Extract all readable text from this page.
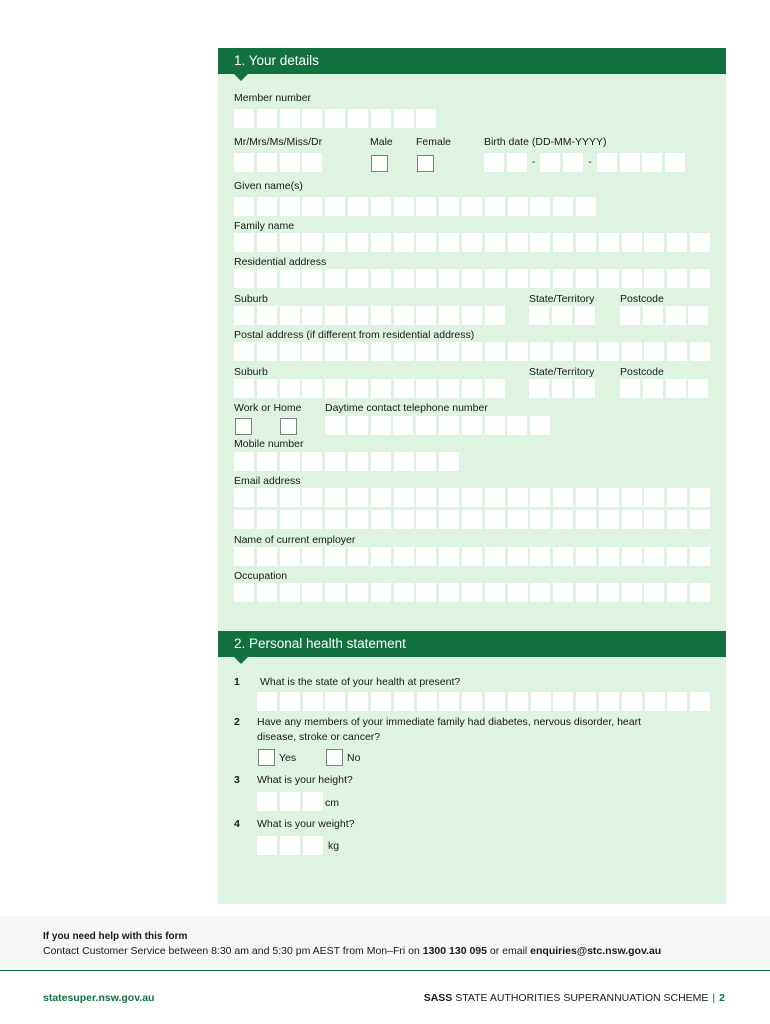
1. Your details
Member number
Mr/Mrs/Ms/Miss/Dr	Male Female	Birth date (DD-MM-YYYY)
-	-
Given name(s)
Family name
Residential address
Suburb	State/Territory Postcode
Postal address (if different from residential address)
Suburb	State/Territory Postcode
Work or Home Daytime contact telephone number
Mobile number
Email address
Name of current employer
Occupation
2. Personal health statement
1 What is the state of your health at present?
2 Have any members of your immediate family had diabetes, nervous disorder, heart
disease, stroke or cancer?
Yes	No
3 What is your height?
cm
4 What is your weight?
kg
If you need help with this form
Contact Customer Service between 8:30 am and 5:30 pm AEST from Mon–Fri on 1300 130 095 or email enquiries@stc.nsw.gov.au
statesuper.nsw.gov.au	SASS STATE AUTHORITIES SUPERANNUATION SCHEME | 2
